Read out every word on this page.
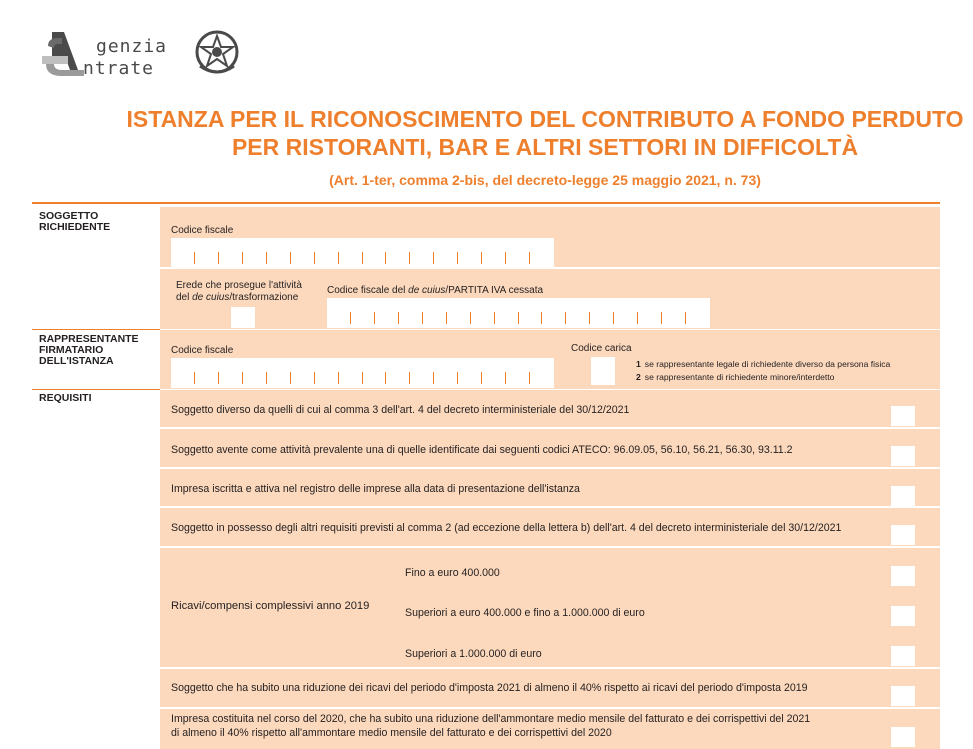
genzia
ntrate
ISTANZA PER IL RICONOSCIMENTO DEL CONTRIBUTO A FONDO PERDUTO
PER RISTORANTI, BAR E ALTRI SETTORI IN DIFFICOLTÀ
(Art. 1-ter, comma 2-bis, del decreto-legge 25 maggio 2021, n. 73)
SOGGETTO
RICHIEDENTE	Codice fiscale
Erede che prosegue l'attività
del de cuius/trasformazione
Codice fiscale del de cuius/PARTITA IVA cessata
RAPPRESENTANTE
FIRMATARIO
DELL'ISTANZA
Codice fiscale	Codice carica
1 se rappresentante legale di richiedente diverso da persona fisica
2 se rappresentante di richiedente minore/interdetto
REQUISITI
Soggetto diverso da quelli di cui al comma 3 dell'art. 4 del decreto interministeriale del 30/12/2021
Soggetto avente come attività prevalente una di quelle identificate dai seguenti codici ATECO: 96.09.05, 56.10, 56.21, 56.30, 93.11.2
Impresa iscritta e attiva nel registro delle imprese alla data di presentazione dell'istanza
Soggetto in possesso degli altri requisiti previsti al comma 2 (ad eccezione della lettera b) dell'art. 4 del decreto interministeriale del 30/12/2021
Ricavi/compensi complessivi anno 2019
Fino a euro 400.000
Superiori a euro 400.000 e fino a 1.000.000 di euro
Superiori a 1.000.000 di euro
Soggetto che ha subito una riduzione dei ricavi del periodo d'imposta 2021 di almeno il 40% rispetto ai ricavi del periodo d'imposta 2019
Impresa costituita nel corso del 2020, che ha subito una riduzione dell'ammontare medio mensile del fatturato e dei corrispettivi del 2021
di almeno il 40% rispetto all'ammontare medio mensile del fatturato e dei corrispettivi del 2020
